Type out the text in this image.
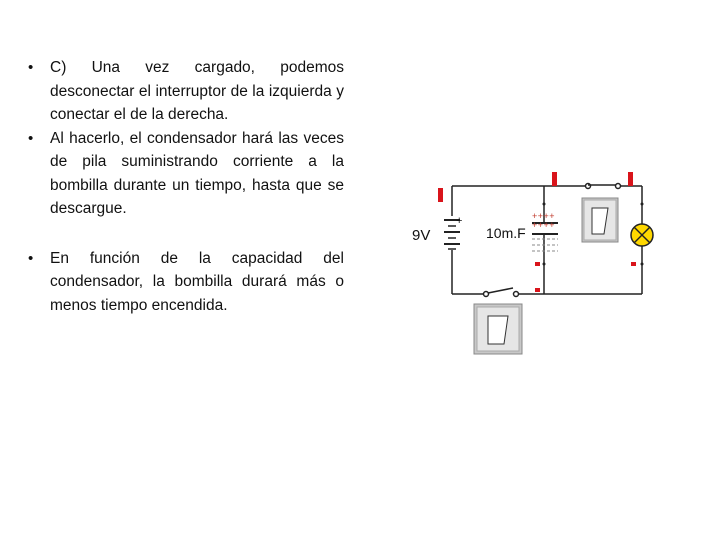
• C) Una vez cargado, podemos desconectar el interruptor de la izquierda y conectar el de la derecha.
• Al hacerlo, el condensador hará las veces de pila suministrando corriente a la bombilla durante un tiempo, hasta que se descargue.
• En función de la capacidad del condensador, la bombilla durará más o menos tiempo encendida.
9V
+	+ + + +
+ + + +
10m.F
